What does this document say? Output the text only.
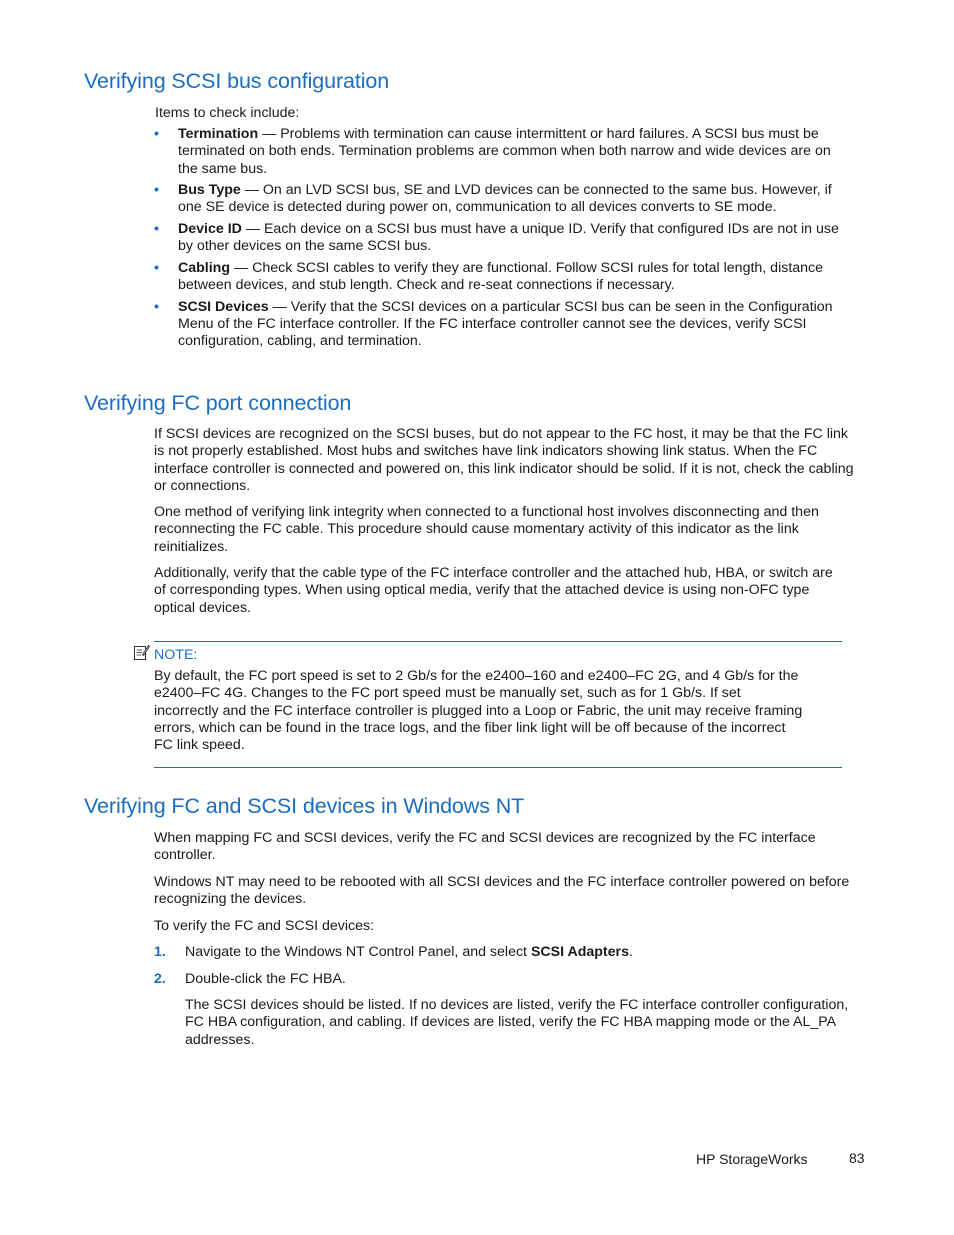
Verifying SCSI bus configuration

Items to check include:

• Termination — Problems with termination can cause intermittent or hard failures. A SCSI bus must be terminated on both ends. Termination problems are common when both narrow and wide devices are on the same bus.
• Bus Type — On an LVD SCSI bus, SE and LVD devices can be connected to the same bus. However, if one SE device is detected during power on, communication to all devices converts to SE mode.
• Device ID — Each device on a SCSI bus must have a unique ID. Verify that configured IDs are not in use by other devices on the same SCSI bus.
• Cabling — Check SCSI cables to verify they are functional. Follow SCSI rules for total length, distance between devices, and stub length. Check and re-seat connections if necessary.
• SCSI Devices — Verify that the SCSI devices on a particular SCSI bus can be seen in the Configuration Menu of the FC interface controller. If the FC interface controller cannot see the devices, verify SCSI configuration, cabling, and termination.
Verifying FC port connection

If SCSI devices are recognized on the SCSI buses, but do not appear to the FC host, it may be that the FC link is not properly established. Most hubs and switches have link indicators showing link status. When the FC interface controller is connected and powered on, this link indicator should be solid. If it is not, check the cabling or connections.

One method of verifying link integrity when connected to a functional host involves disconnecting and then reconnecting the FC cable. This procedure should cause momentary activity of this indicator as the link reinitializes.

Additionally, verify that the cable type of the FC interface controller and the attached hub, HBA, or switch are of corresponding types. When using optical media, verify that the attached device is using non-OFC type optical devices.

NOTE:

By default, the FC port speed is set to 2 Gb/s for the e2400–160 and e2400–FC 2G, and 4 Gb/s for the e2400–FC 4G. Changes to the FC port speed must be manually set, such as for 1 Gb/s. If set incorrectly and the FC interface controller is plugged into a Loop or Fabric, the unit may receive framing errors, which can be found in the trace logs, and the fiber link light will be off because of the incorrect FC link speed.

Verifying FC and SCSI devices in Windows NT

When mapping FC and SCSI devices, verify the FC and SCSI devices are recognized by the FC interface controller.

Windows NT may need to be rebooted with all SCSI devices and the FC interface controller powered on before recognizing the devices.

To verify the FC and SCSI devices:

1. Navigate to the Windows NT Control Panel, and select SCSI Adapters.
2. Double-click the FC HBA.

The SCSI devices should be listed. If no devices are listed, verify the FC interface controller configuration, FC HBA configuration, and cabling. If devices are listed, verify the FC HBA mapping mode or the AL_PA addresses.

HP StorageWorks	83
